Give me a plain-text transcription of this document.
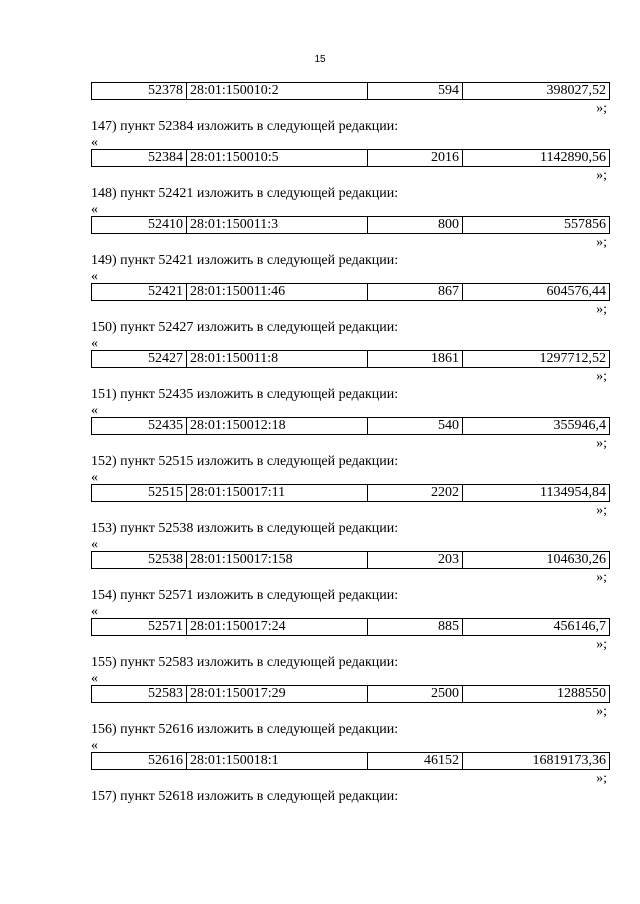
15
52378	28:01:150010:2	594	398027,52
»;
147) пункт 52384 изложить в следующей редакции:
«
52384	28:01:150010:5	2016	1142890,56
»;
148) пункт 52421 изложить в следующей редакции:
«
52410	28:01:150011:3	800	557856
»;
149) пункт 52421 изложить в следующей редакции:
«
52421	28:01:150011:46	867	604576,44
»;
150) пункт 52427 изложить в следующей редакции:
«
52427	28:01:150011:8	1861	1297712,52
»;
151) пункт 52435 изложить в следующей редакции:
«
52435	28:01:150012:18	540	355946,4
»;
152) пункт 52515 изложить в следующей редакции:
«
52515	28:01:150017:11	2202	1134954,84
»;
153) пункт 52538 изложить в следующей редакции:
«
52538	28:01:150017:158	203	104630,26
»;
154) пункт 52571 изложить в следующей редакции:
«
52571	28:01:150017:24	885	456146,7
»;
155) пункт 52583 изложить в следующей редакции:
«
52583	28:01:150017:29	2500	1288550
»;
156) пункт 52616 изложить в следующей редакции:
«
52616	28:01:150018:1	46152	16819173,36
»;
157) пункт 52618 изложить в следующей редакции:
